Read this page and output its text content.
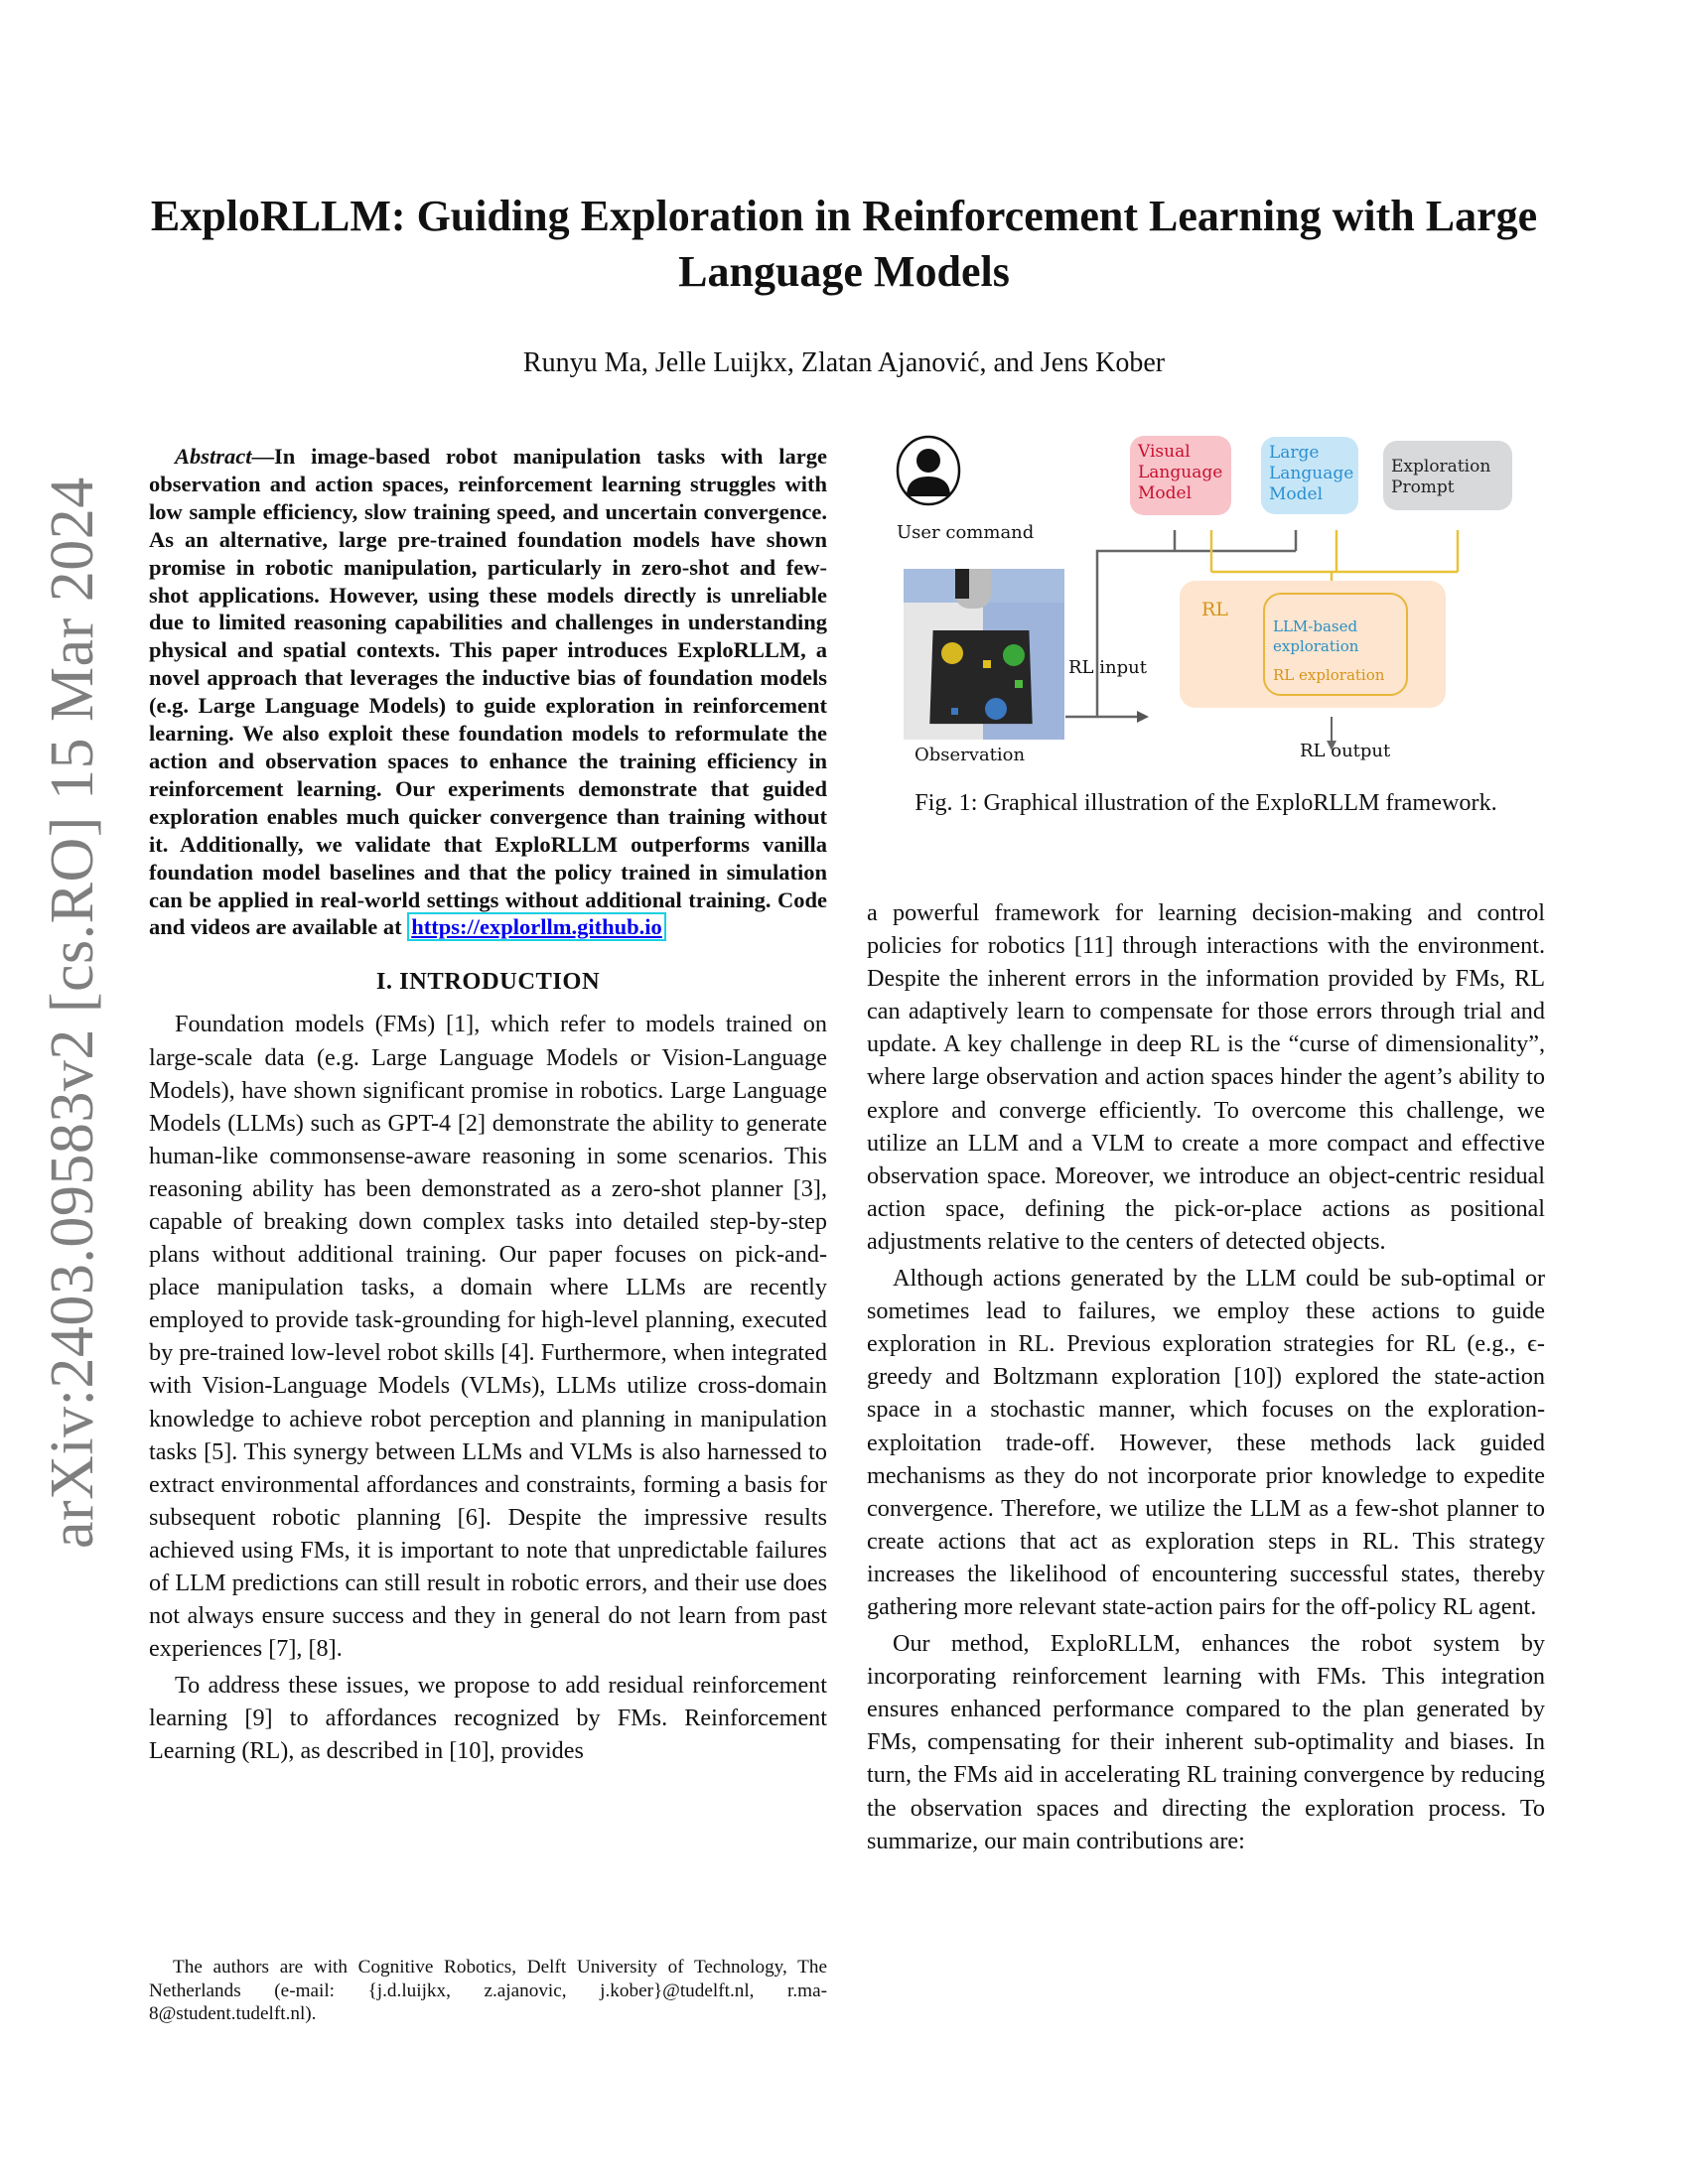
arXiv:2403.09583v2 [cs.RO] 15 Mar 2024
ExploRLLM: Guiding Exploration in Reinforcement Learning with Large Language Models
Runyu Ma, Jelle Luijkx, Zlatan Ajanović, and Jens Kober
Visual Language Model
Large Language Model
Exploration Prompt
User command
Observation
RL input
RL
LLM-based exploration
RL exploration
RL output
Fig. 1: Graphical illustration of the ExploRLLM framework.

Abstract—In image-based robot manipulation tasks with large observation and action spaces, reinforcement learning struggles with low sample efficiency, slow training speed, and uncertain convergence. As an alternative, large pre-trained foundation models have shown promise in robotic manipulation, particularly in zero-shot and few-shot applications. However, using these models directly is unreliable due to limited reasoning capabilities and challenges in understanding physical and spatial contexts. This paper introduces ExploRLLM, a novel approach that leverages the inductive bias of foundation models (e.g. Large Language Models) to guide exploration in reinforcement learning. We also exploit these foundation models to reformulate the action and observation spaces to enhance the training efficiency in reinforcement learning. Our experiments demonstrate that guided exploration enables much quicker convergence than training without it. Additionally, we validate that ExploRLLM outperforms vanilla foundation model baselines and that the policy trained in simulation can be applied in real-world settings without additional training. Code and videos are available at https://explorllm.github.io

I. INTRODUCTION

Foundation models (FMs) [1], which refer to models trained on large-scale data (e.g. Large Language Models or Vision-Language Models), have shown significant promise in robotics. Large Language Models (LLMs) such as GPT-4 [2] demonstrate the ability to generate human-like commonsense-aware reasoning in some scenarios. This reasoning ability has been demonstrated as a zero-shot planner [3], capable of breaking down complex tasks into detailed step-by-step plans without additional training. Our paper focuses on pick-and-place manipulation tasks, a domain where LLMs are recently employed to provide task-grounding for high-level planning, executed by pre-trained low-level robot skills [4]. Furthermore, when integrated with Vision-Language Models (VLMs), LLMs utilize cross-domain knowledge to achieve robot perception and planning in manipulation tasks [5]. This synergy between LLMs and VLMs is also harnessed to extract environmental affordances and constraints, forming a basis for subsequent robotic planning [6]. Despite the impressive results achieved using FMs, it is important to note that unpredictable failures of LLM predictions can still result in robotic errors, and their use does not always ensure success and they in general do not learn from past experiences [7], [8].

To address these issues, we propose to add residual reinforcement learning [9] to affordances recognized by FMs. Reinforcement Learning (RL), as described in [10], provides

The authors are with Cognitive Robotics, Delft University of Technology, The Netherlands (e-mail: {j.d.luijkx, z.ajanovic, j.kober}@tudelft.nl, r.ma-8@student.tudelft.nl).

a powerful framework for learning decision-making and control policies for robotics [11] through interactions with the environment. Despite the inherent errors in the information provided by FMs, RL can adaptively learn to compensate for those errors through trial and update. A key challenge in deep RL is the “curse of dimensionality”, where large observation and action spaces hinder the agent’s ability to explore and converge efficiently. To overcome this challenge, we utilize an LLM and a VLM to create a more compact and effective observation space. Moreover, we introduce an object-centric residual action space, defining the pick-or-place actions as positional adjustments relative to the centers of detected objects.

Although actions generated by the LLM could be sub-optimal or sometimes lead to failures, we employ these actions to guide exploration in RL. Previous exploration strategies for RL (e.g., ϵ-greedy and Boltzmann exploration [10]) explored the state-action space in a stochastic manner, which focuses on the exploration-exploitation trade-off. However, these methods lack guided mechanisms as they do not incorporate prior knowledge to expedite convergence. Therefore, we utilize the LLM as a few-shot planner to create actions that act as exploration steps in RL. This strategy increases the likelihood of encountering successful states, thereby gathering more relevant state-action pairs for the off-policy RL agent.

Our method, ExploRLLM, enhances the robot system by incorporating reinforcement learning with FMs. This integration ensures enhanced performance compared to the plan generated by FMs, compensating for their inherent sub-optimality and biases. In turn, the FMs aid in accelerating RL training convergence by reducing the observation spaces and directing the exploration process. To summarize, our main contributions are:
